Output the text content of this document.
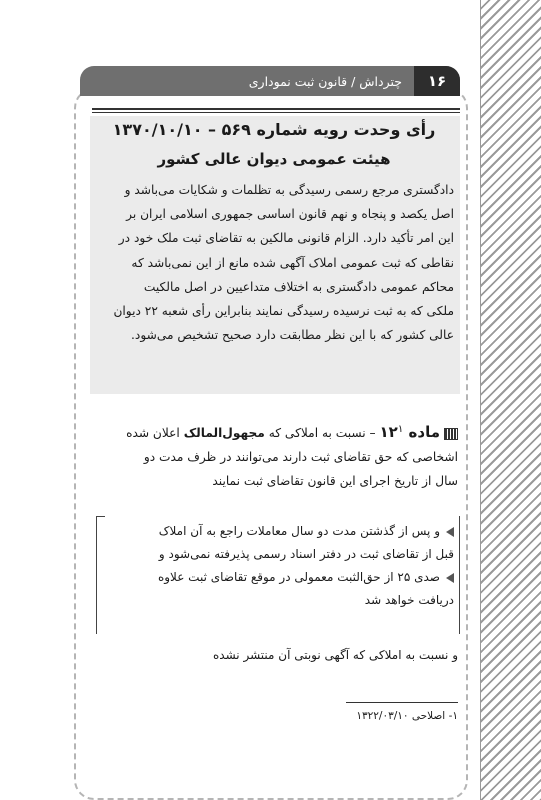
۱۶
چترداش / قانون ثبت نموداری
رأی وحدت رویه شماره ۵۶۹ – ۱۳۷۰/۱۰/۱۰
هیئت عمومی دیوان عالی کشور
دادگستری مرجع رسمی رسیدگی به تظلمات و شکایات می‌باشد و
اصل یکصد و پنجاه و نهم قانون اساسی جمهوری اسلامی ایران بر
این امر تأکید دارد. الزام قانونی مالکین به تقاضای ثبت ملک خود در
نقاطی که ثبت عمومی املاک آگهی شده مانع از این نمی‌باشد که
محاکم عمومی دادگستری به اختلاف متداعیین در اصل مالکیت
ملکی که به ثبت نرسیده رسیدگی نمایند بنابراین رأی شعبه ۲۲ دیوان
عالی کشور که با این نظر مطابقت دارد صحیح تشخیص می‌شود.
ماده $۱۲^۱$ – نسبت به املاکی که مجهول‌المالک اعلان شده
اشخاصی که حق تقاضای ثبت دارند می‌توانند در ظرف مدت دو
سال از تاریخ اجرای این قانون تقاضای ثبت نمایند
و پس از گذشتن مدت دو سال معاملات راجع به آن املاک
قبل از تقاضای ثبت در دفتر اسناد رسمی پذیرفته نمی‌شود و
صدی ۲۵ از حق‌الثبت معمولی در موقع تقاضای ثبت علاوه
دریافت خواهد شد
و نسبت به املاکی که آگهی نوبتی آن منتشر نشده
۱- اصلاحی ۱۳۲۲/۰۳/۱۰
